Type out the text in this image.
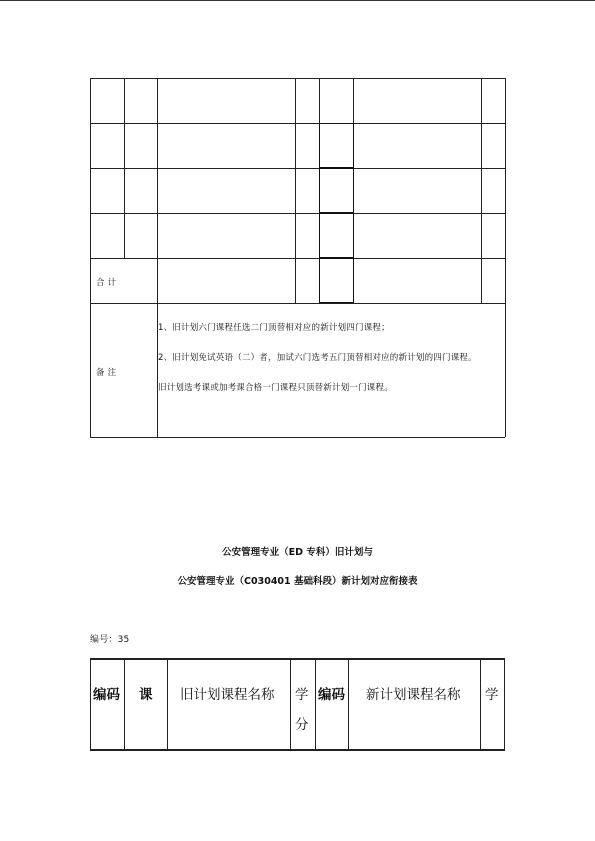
合 计
备 注
1、旧计划六门课程任选二门顶替相对应的新计划四门课程；
2、旧计划免试英语（二）者，加试六门选考五门顶替相对应的新计划的四门课程。
旧计划选考课或加考课合格一门课程只顶替新计划一门课程。
公安管理专业（ED 专科）旧计划与
公安管理专业（C030401 基础科段）新计划对应衔接表
编号：35
编码 课 旧计划课程名称 学
分
编码 新计划课程名称 学
